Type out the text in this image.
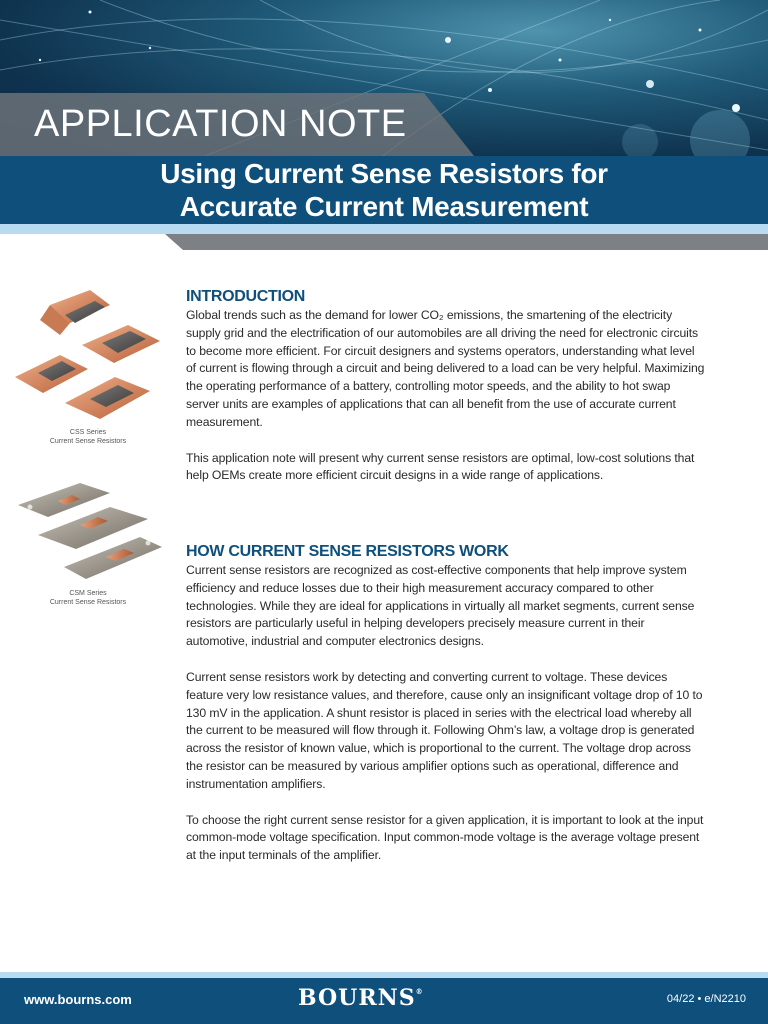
APPLICATION NOTE
Using Current Sense Resistors for
Accurate Current Measurement
CSS Series
Current Sense Resistors
CSM Series
Current Sense Resistors
INTRODUCTION

Global trends such as the demand for lower CO₂ emissions, the smartening of the electricity supply grid and the electrification of our automobiles are all driving the need for electronic circuits to become more efficient. For circuit designers and systems operators, understanding what level of current is flowing through a circuit and being delivered to a load can be very helpful. Maximizing the operating performance of a battery, controlling motor speeds, and the ability to hot swap server units are examples of applications that can all benefit from the use of accurate current measurement.

This application note will present why current sense resistors are optimal, low-cost solutions that help OEMs create more efficient circuit designs in a wide range of applications.

HOW CURRENT SENSE RESISTORS WORK

Current sense resistors are recognized as cost-effective components that help improve system efficiency and reduce losses due to their high measurement accuracy compared to other technologies. While they are ideal for applications in virtually all market segments, current sense resistors are particularly useful in helping developers precisely measure current in their automotive, industrial and computer electronics designs.

Current sense resistors work by detecting and converting current to voltage. These devices feature very low resistance values, and therefore, cause only an insignificant voltage drop of 10 to 130 mV in the application. A shunt resistor is placed in series with the electrical load whereby all the current to be measured will flow through it. Following Ohm’s law, a voltage drop is generated across the resistor of known value, which is proportional to the current. The voltage drop across the resistor can be measured by various amplifier options such as operational, difference and instrumentation amplifiers.

To choose the right current sense resistor for a given application, it is important to look at the input common-mode voltage specification. Input common-mode voltage is the average voltage present at the input terminals of the amplifier.

www.bourns.com	BOURNS®
04/22 • e/N2210
